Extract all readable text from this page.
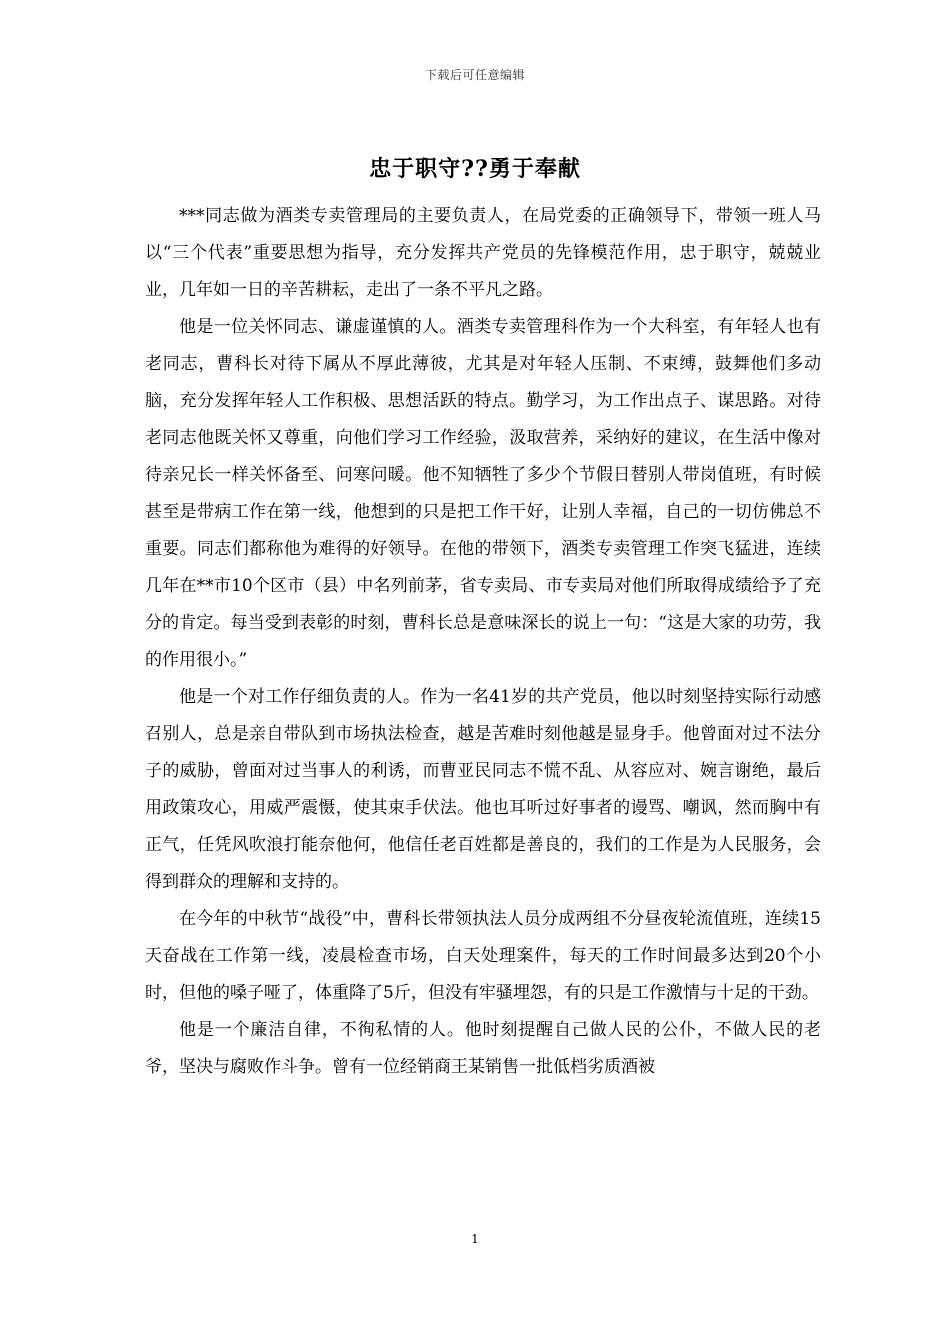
下载后可任意编辑
忠于职守??勇于奉献

***同志做为酒类专卖管理局的主要负责人，在局党委的正确领导下，带领一班人马以“三个代表”重要思想为指导，充分发挥共产党员的先锋模范作用，忠于职守，兢兢业业，几年如一日的辛苦耕耘，走出了一条不平凡之路。

他是一位关怀同志、谦虚谨慎的人。酒类专卖管理科作为一个大科室，有年轻人也有老同志，曹科长对待下属从不厚此薄彼，尤其是对年轻人压制、不束缚，鼓舞他们多动脑，充分发挥年轻人工作积极、思想活跃的特点。勤学习，为工作出点子、谋思路。对待老同志他既关怀又尊重，向他们学习工作经验，汲取营养，采纳好的建议，在生活中像对待亲兄长一样关怀备至、问寒问暖。他不知牺牲了多少个节假日替别人带岗值班，有时候甚至是带病工作在第一线，他想到的只是把工作干好，让别人幸福，自己的一切仿佛总不重要。同志们都称他为难得的好领导。在他的带领下，酒类专卖管理工作突飞猛进，连续几年在**市10个区市（县）中名列前茅，省专卖局、市专卖局对他们所取得成绩给予了充分的肯定。每当受到表彰的时刻，曹科长总是意味深长的说上一句：“这是大家的功劳，我的作用很小。”

他是一个对工作仔细负责的人。作为一名41岁的共产党员，他以时刻坚持实际行动感召别人，总是亲自带队到市场执法检查，越是苦难时刻他越是显身手。他曾面对过不法分子的威胁，曾面对过当事人的利诱，而曹亚民同志不慌不乱、从容应对、婉言谢绝，最后用政策攻心，用威严震慑，使其束手伏法。他也耳听过好事者的谩骂、嘲讽，然而胸中有正气，任凭风吹浪打能奈他何，他信任老百姓都是善良的，我们的工作是为人民服务，会得到群众的理解和支持的。

在今年的中秋节“战役”中，曹科长带领执法人员分成两组不分昼夜轮流值班，连续15天奋战在工作第一线，凌晨检查市场，白天处理案件，每天的工作时间最多达到20个小时，但他的嗓子哑了，体重降了5斤，但没有牢骚埋怨，有的只是工作激情与十足的干劲。

他是一个廉洁自律，不徇私情的人。他时刻提醒自己做人民的公仆，不做人民的老爷，坚决与腐败作斗争。曾有一位经销商王某销售一批低档劣质酒被

1
